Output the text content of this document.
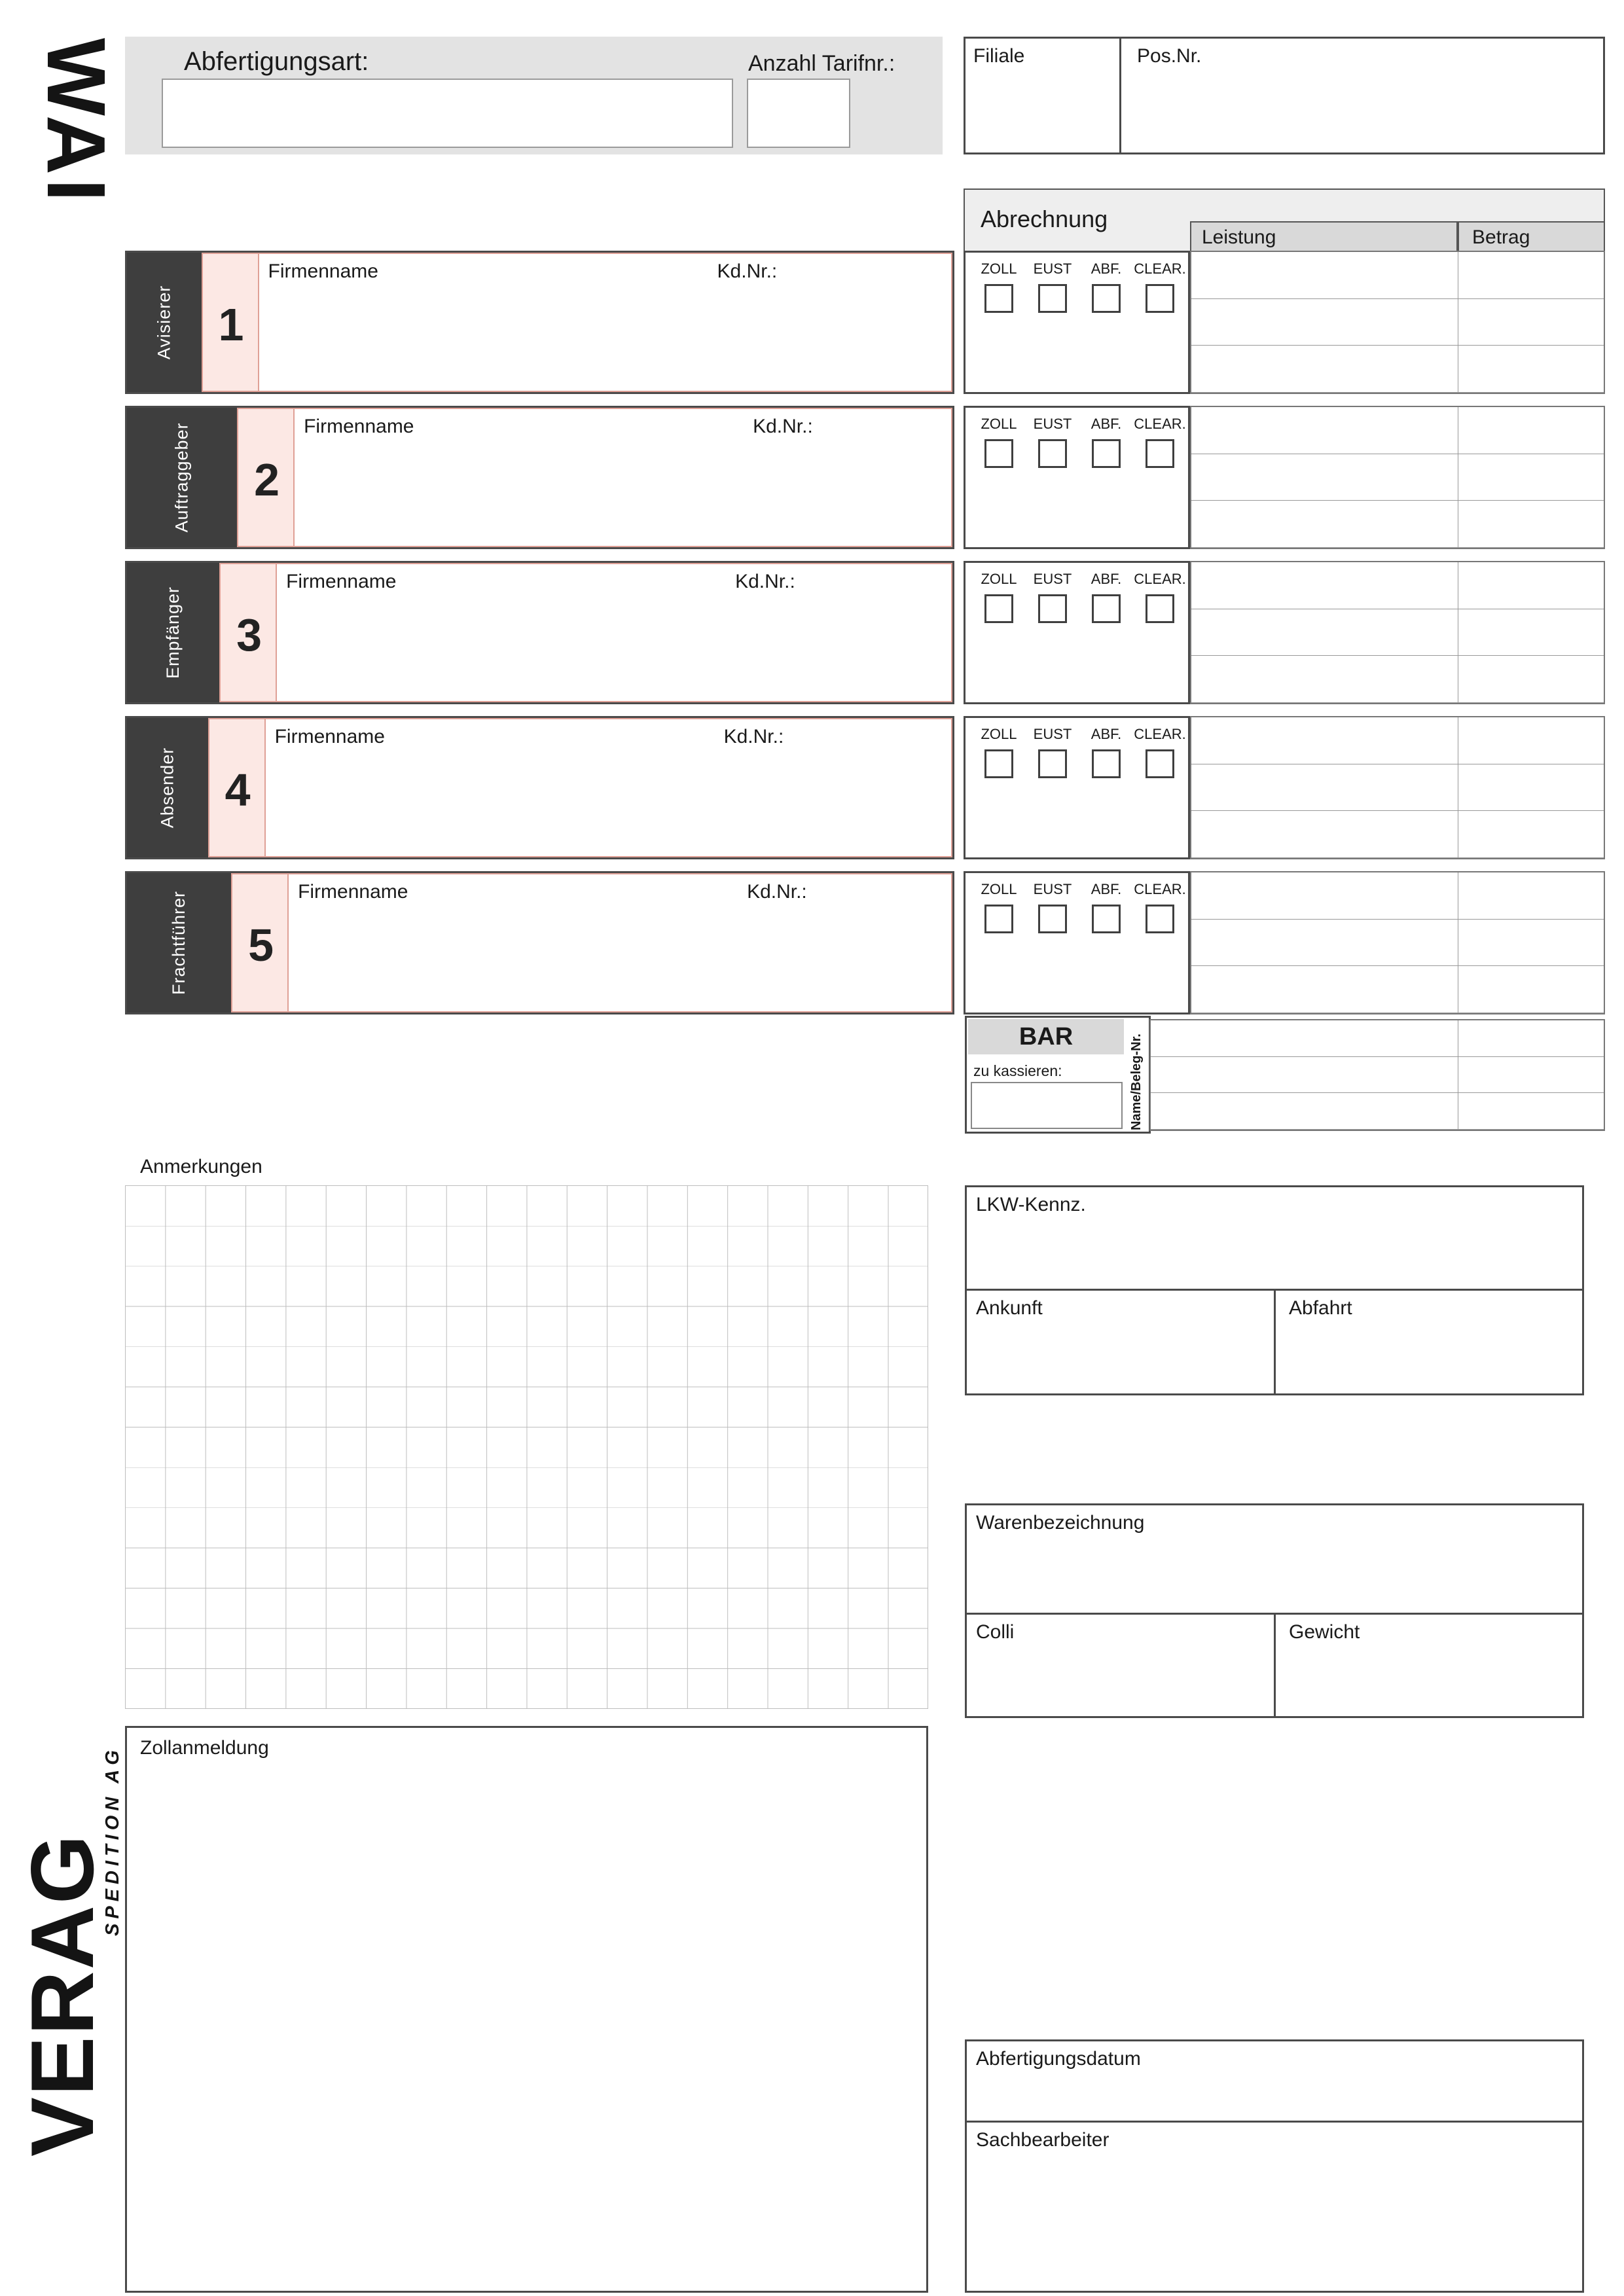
WAI Abfertigungsart:	Anzahl Tarifnr.:	Filiale	Pos.Nr.
Abrechnung
Leistung	Betrag
Avisierer 1
Firmenname	Kd.Nr.:	ZOLL EUST ABF. CLEAR.
Auftraggeber	2
Firmenname	Kd.Nr.:	ZOLL EUST ABF. CLEAR.
Empfänger	3
Firmenname	Kd.Nr.:	ZOLL EUST ABF. CLEAR.
Absender	4
Firmenname	Kd.Nr.:	ZOLL EUST ABF. CLEAR.
Frachtführer	5
Firmenname	Kd.Nr.:	ZOLL EUST ABF. CLEAR.
BAR
zu kassieren:	Name/Beleg-Nr.
Anmerkungen
LKW-Kennz.
Ankunft	Abfahrt
Warenbezeichnung
Colli	Gewicht
VERAG
SPEDITION AG Zollanmeldung
Abfertigungsdatum
Sachbearbeiter
